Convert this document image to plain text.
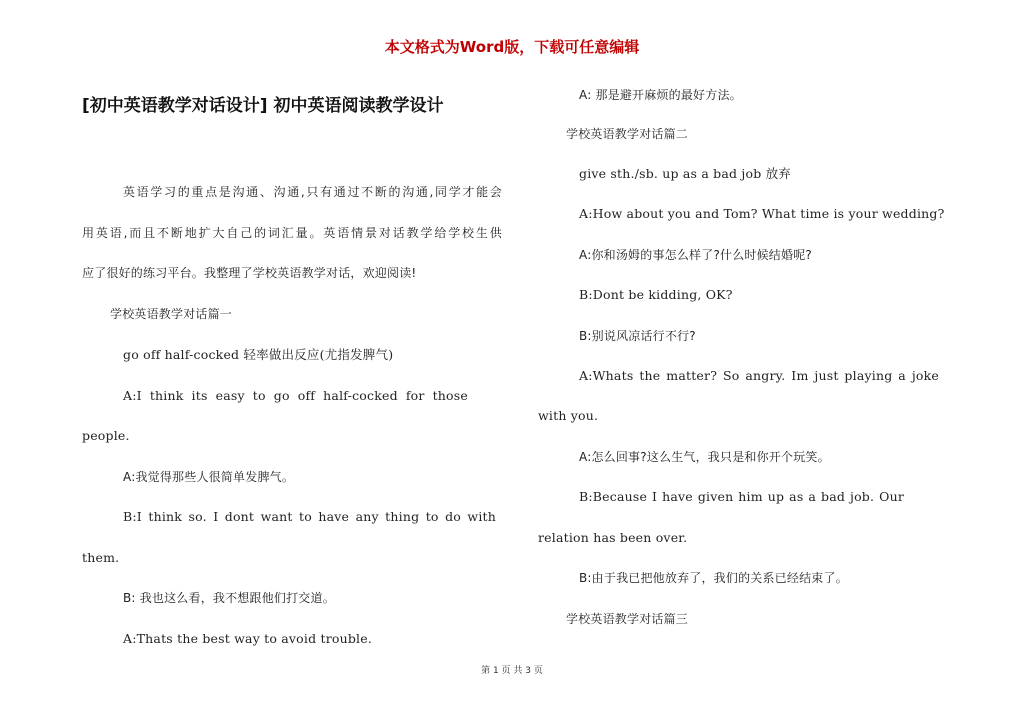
本文格式为Word版，下载可任意编辑
[初中英语教学对话设计] 初中英语阅读教学设计
英语学习的重点是沟通、沟通,只有通过不断的沟通,同学才能会
用英语,而且不断地扩大自己的词汇量。英语情景对话教学给学校生供
应了很好的练习平台。我整理了学校英语教学对话，欢迎阅读!
学校英语教学对话篇一
go off half-cocked 轻率做出反应(尤指发脾气)
A:I think its easy to go off half-cocked for those
people.
A:我觉得那些人很简单发脾气。
B:I think so. I dont want to have any thing to do with
them.
B: 我也这么看，我不想跟他们打交道。
A:Thats the best way to avoid trouble.
A: 那是避开麻烦的最好方法。
学校英语教学对话篇二
give sth./sb. up as a bad job 放弃
A:How about you and Tom? What time is your wedding?
A:你和汤姆的事怎么样了?什么时候结婚呢?
B:Dont be kidding, OK?
B:别说风凉话行不行?
A:Whats the matter? So angry. Im just playing a joke
with you.
A:怎么回事?这么生气，我只是和你开个玩笑。
B:Because I have given him up as a bad job. Our
relation has been over.
B:由于我已把他放弃了，我们的关系已经结束了。
学校英语教学对话篇三
第 1 页 共 3 页
